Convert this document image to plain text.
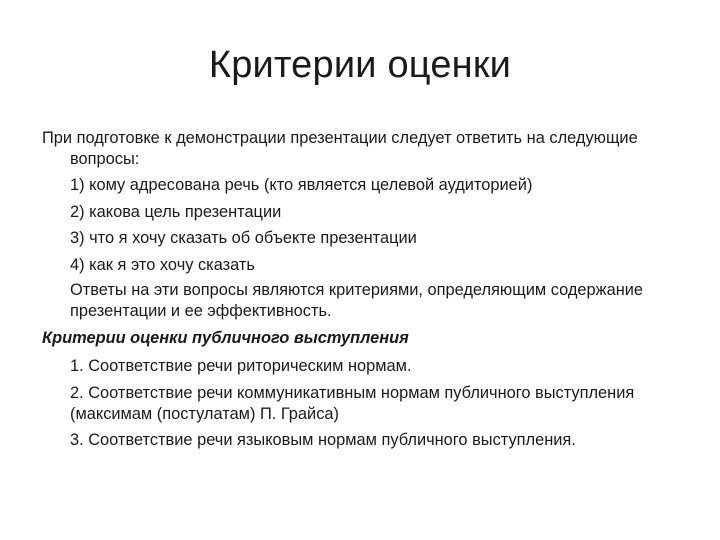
Критерии оценки

При подготовке к демонстрации презентации следует ответить на следующие вопросы:

1) кому адресована речь (кто является целевой аудиторией)

2) какова цель презентации

3) что я хочу сказать об объекте презентации

4) как я это хочу сказать

Ответы на эти вопросы являются критериями, определяющим содержание презентации и ее эффективность.

Критерии оценки публичного выступления

1. Соответствие речи риторическим нормам.

2. Соответствие речи коммуникативным нормам публичного выступления (максимам (постулатам) П. Грайса)

3. Соответствие речи языковым нормам публичного выступления.
